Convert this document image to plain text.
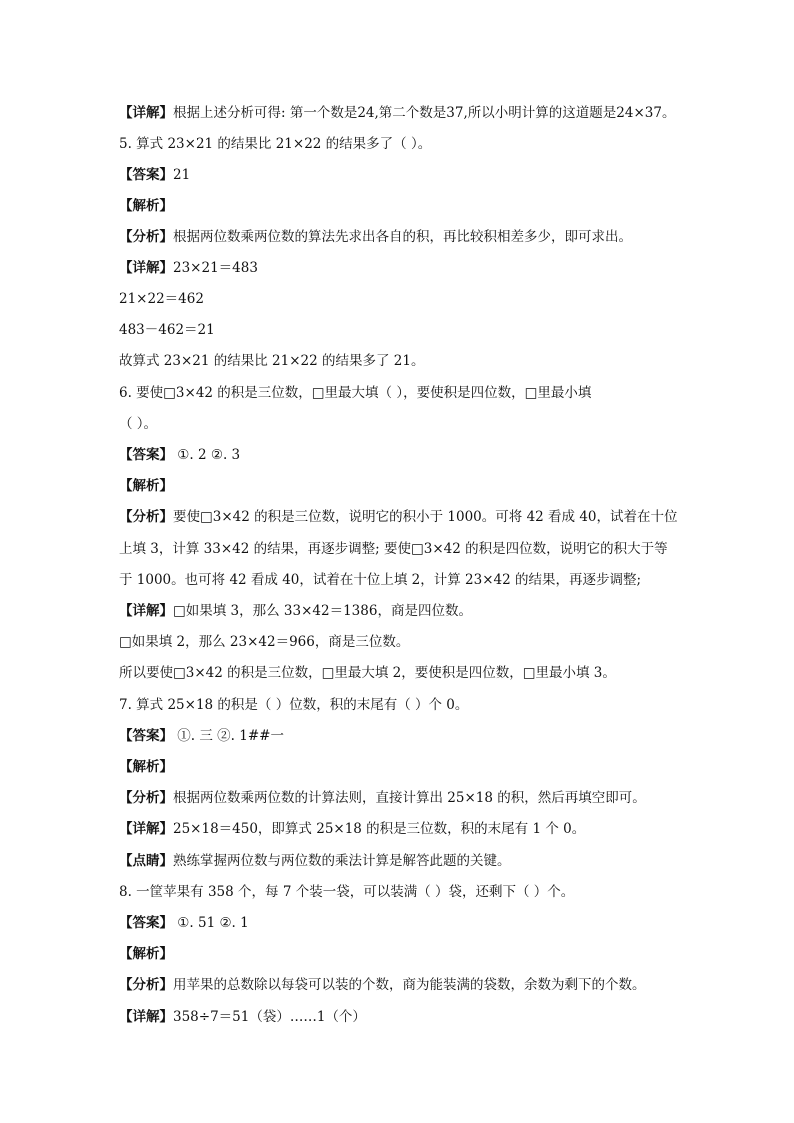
【详解】根据上述分析可得: 第一个数是24,第二个数是37,所以小明计算的这道题是24×37。
5. 算式 23×21 的结果比 21×22 的结果多了（ ）。
【答案】21
【解析】
【分析】根据两位数乘两位数的算法先求出各自的积，再比较积相差多少，即可求出。
【详解】23×21＝483
21×22＝462
483－462＝21
故算式 23×21 的结果比 21×22 的结果多了 21。
6. 要使□3×42 的积是三位数，□里最大填（ ），要使积是四位数，□里最小填
（ ）。
【答案】 ①. 2 ②. 3
【解析】
【分析】要使□3×42 的积是三位数，说明它的积小于 1000。可将 42 看成 40，试着在十位
上填 3，计算 33×42 的结果，再逐步调整; 要使□3×42 的积是四位数，说明它的积大于等
于 1000。也可将 42 看成 40，试着在十位上填 2，计算 23×42 的结果，再逐步调整;
【详解】□如果填 3，那么 33×42＝1386，商是四位数。
□如果填 2，那么 23×42＝966，商是三位数。
所以要使□3×42 的积是三位数，□里最大填 2，要使积是四位数，□里最小填 3。
7. 算式 25×18 的积是（ ）位数，积的末尾有（ ）个 0。
【答案】 ①. 三 ②. 1##一
【解析】
【分析】根据两位数乘两位数的计算法则，直接计算出 25×18 的积，然后再填空即可。
【详解】25×18＝450，即算式 25×18 的积是三位数，积的末尾有 1 个 0。
【点睛】熟练掌握两位数与两位数的乘法计算是解答此题的关键。
8. 一筐苹果有 358 个，每 7 个装一袋，可以装满（ ）袋，还剩下（ ）个。
【答案】 ①. 51 ②. 1
【解析】
【分析】用苹果的总数除以每袋可以装的个数，商为能装满的袋数，余数为剩下的个数。
【详解】358÷7＝51（袋）……1（个）
